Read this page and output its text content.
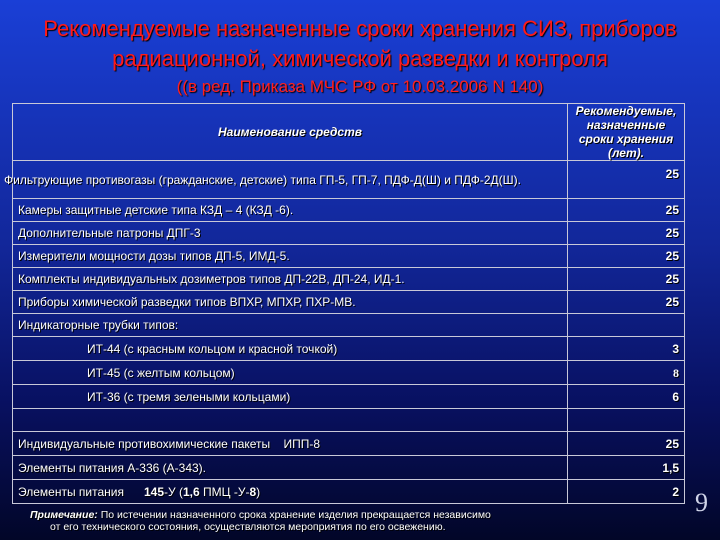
Рекомендуемые назначенные сроки хранения СИЗ, приборов
радиационной, химической разведки и контроля
((в ред. Приказа МЧС РФ от 10.03.2006 N 140)
Наименование средств	Рекомендуемые, назначенные сроки хранения (лет).
Фильтрующие противогазы (гражданские, детские) типа ГП-5, ГП-7, ПДФ-Д(Ш) и ПДФ-2Д(Ш).	25
Камеры защитные детские типа КЗД – 4 (КЗД -6).	25
Дополнительные патроны ДПГ-3	25
Измерители мощности дозы типов ДП-5, ИМД-5.	25
Комплекты индивидуальных дозиметров типов ДП-22В, ДП-24, ИД-1.	25
Приборы химической разведки типов ВПХР, МПХР, ПХР-МВ.	25
Индикаторные трубки типов:	
ИТ-44 (с красным кольцом и красной точкой)	3
ИТ-45 (с желтым кольцом)	8
ИТ-36 (с тремя зелеными кольцами)	6

Индивидуальные противохимические пакеты    ИПП-8	25
Элементы питания А-336 (А-343).	1,5
Элементы питания 145-У (1,6 ПМЦ -У-8)	2
Примечание: По истечении назначенного срока хранение изделия прекращается независимо
от его технического состояния, осуществляются мероприятия по его освежению.
9
